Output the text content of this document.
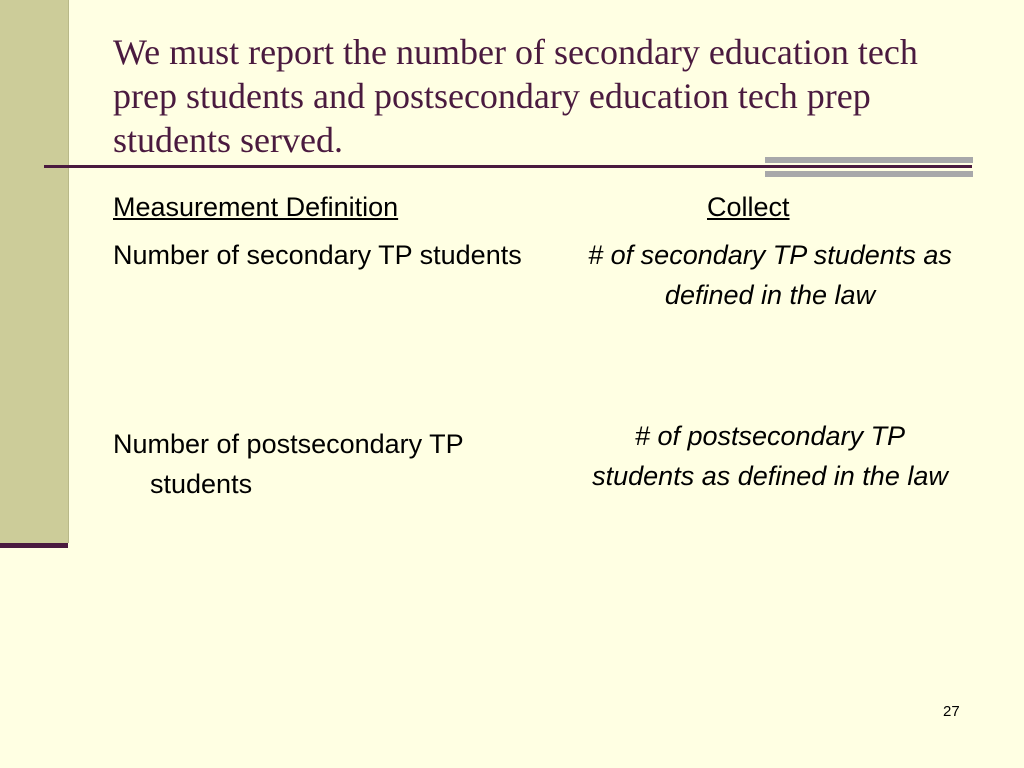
We must report the number of secondary education tech prep students and postsecondary education tech prep students served.
Measurement Definition	Collect

Number of secondary TP students	# of secondary TP students as defined in the law

Number of postsecondary TP students

# of postsecondary TP students as defined in the law

27
